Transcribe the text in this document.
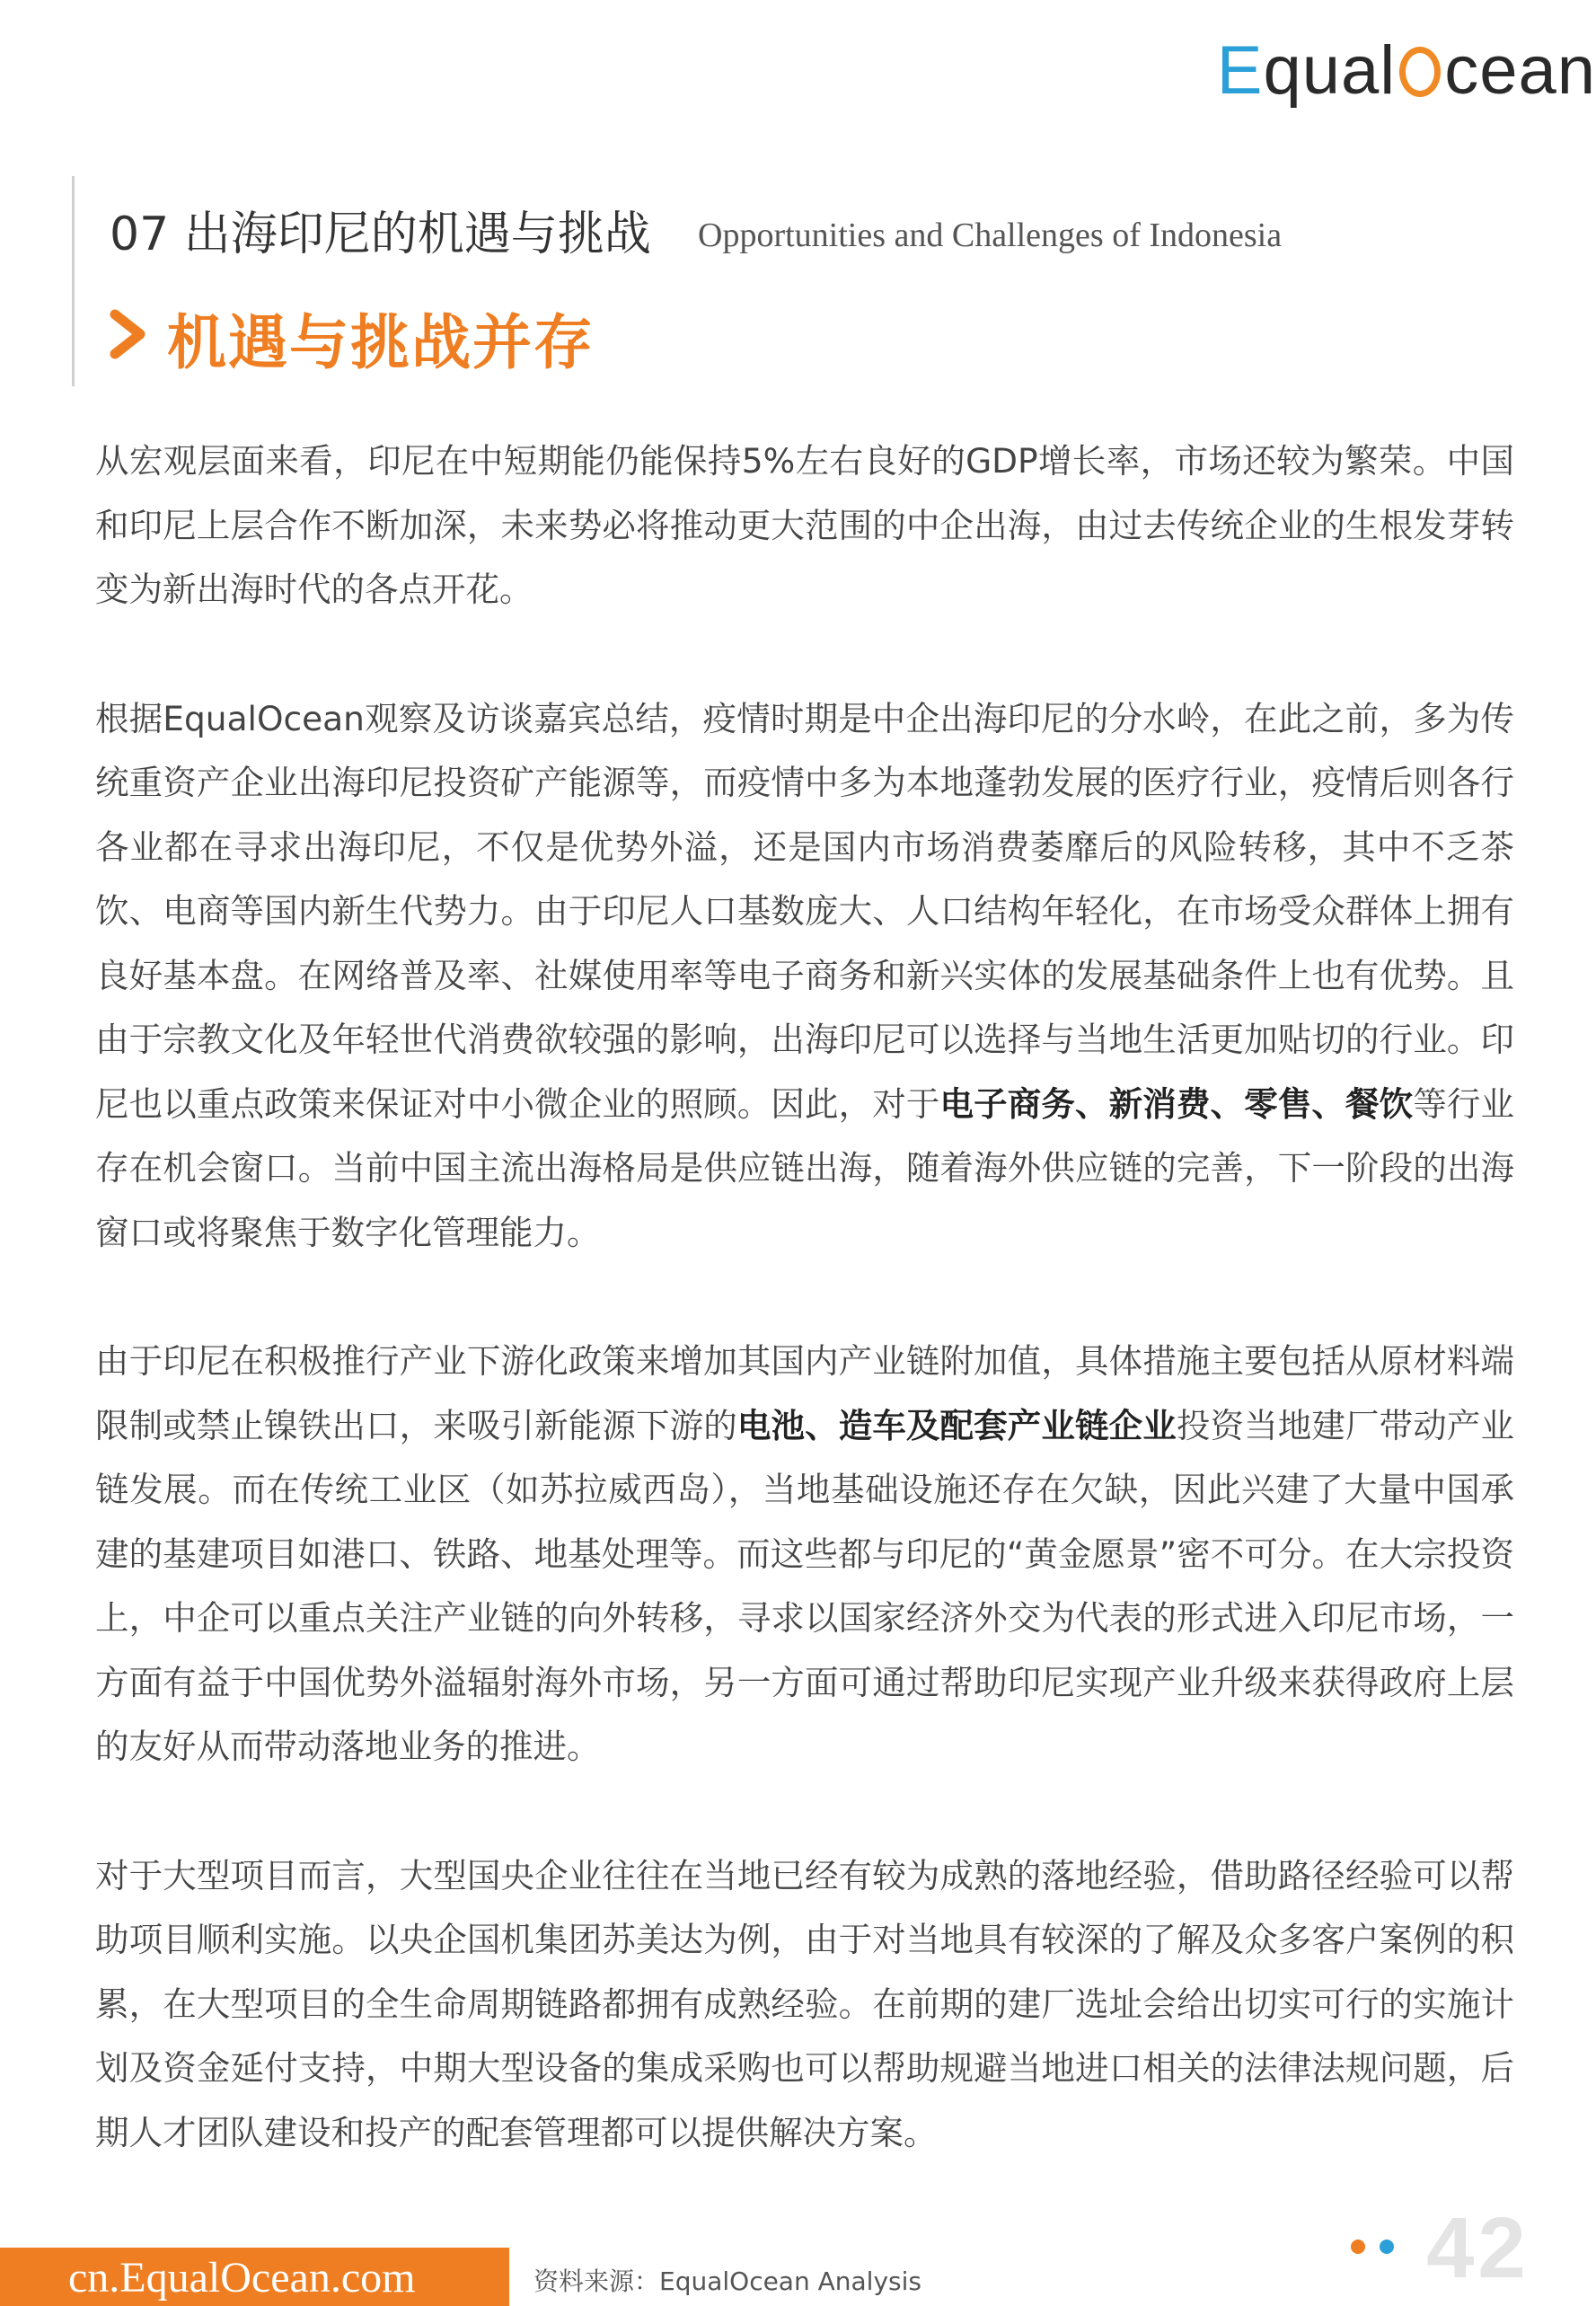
Equal cean
07 出海印尼的机遇与挑战 Opportunities and Challenges of Indonesia
机遇与挑战并存

从宏观层面来看，印尼在中短期能仍能保持5%左右良好的GDP增长率，市场还较为繁荣。中国和印尼上层合作不断加深，未来势必将推动更大范围的中企出海，由过去传统企业的生根发芽转变为新出海时代的各点开花。

根据EqualOcean观察及访谈嘉宾总结，疫情时期是中企出海印尼的分水岭，在此之前，多为传统重资产企业出海印尼投资矿产能源等，而疫情中多为本地蓬勃发展的医疗行业，疫情后则各行各业都在寻求出海印尼，不仅是优势外溢，还是国内市场消费萎靡后的风险转移，其中不乏茶饮、电商等国内新生代势力。由于印尼人口基数庞大、人口结构年轻化，在市场受众群体上拥有良好基本盘。在网络普及率、社媒使用率等电子商务和新兴实体的发展基础条件上也有优势。且由于宗教文化及年轻世代消费欲较强的影响，出海印尼可以选择与当地生活更加贴切的行业。印尼也以重点政策来保证对中小微企业的照顾。因此，对于电子商务、新消费、零售、餐饮等行业存在机会窗口。当前中国主流出海格局是供应链出海，随着海外供应链的完善，下一阶段的出海窗口或将聚焦于数字化管理能力。

由于印尼在积极推行产业下游化政策来增加其国内产业链附加值，具体措施主要包括从原材料端限制或禁止镍铁出口，来吸引新能源下游的电池、造车及配套产业链企业投资当地建厂带动产业链发展。而在传统工业区（如苏拉威西岛），当地基础设施还存在欠缺，因此兴建了大量中国承建的基建项目如港口、铁路、地基处理等。而这些都与印尼的“黄金愿景”密不可分。在大宗投资上，中企可以重点关注产业链的向外转移，寻求以国家经济外交为代表的形式进入印尼市场，一方面有益于中国优势外溢辐射海外市场，另一方面可通过帮助印尼实现产业升级来获得政府上层的友好从而带动落地业务的推进。

对于大型项目而言，大型国央企业往往在当地已经有较为成熟的落地经验，借助路径经验可以帮助项目顺利实施。以央企国机集团苏美达为例，由于对当地具有较深的了解及众多客户案例的积累，在大型项目的全生命周期链路都拥有成熟经验。在前期的建厂选址会给出切实可行的实施计划及资金延付支持，中期大型设备的集成采购也可以帮助规避当地进口相关的法律法规问题，后期人才团队建设和投产的配套管理都可以提供解决方案。

cn.EqualOcean.com	资料来源：EqualOcean Analysis	42
